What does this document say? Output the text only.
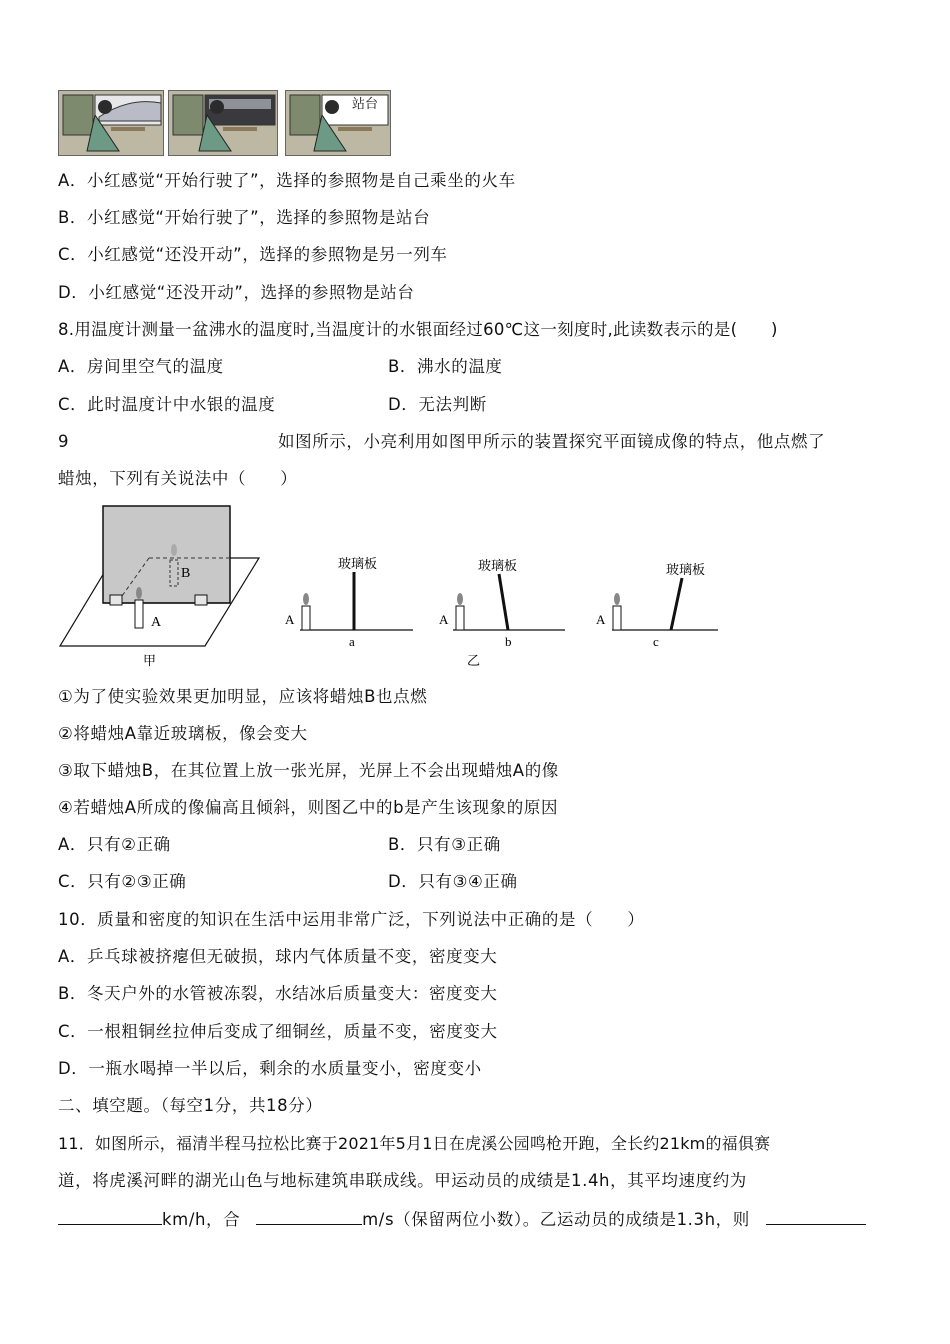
站台
A．小红感觉“开始行驶了”，选择的参照物是自己乘坐的火车
B．小红感觉“开始行驶了”，选择的参照物是站台
C．小红感觉“还没开动”，选择的参照物是另一列车
D．小红感觉“还没开动”，选择的参照物是站台
8.用温度计测量一盆沸水的温度时,当温度计的水银面经过60℃这一刻度时,此读数表示的是(　　)
A．房间里空气的温度	B．沸水的温度
C．此时温度计中水银的温度	D．无法判断
9	如图所示，小亮利用如图甲所示的装置探究平面镜成像的特点，他点燃了
蜡烛，下列有关说法中（　　）
A
B
甲
A
玻璃板
a
A
玻璃板
b
乙
A
玻璃板
c
①为了使实验效果更加明显，应该将蜡烛B也点燃
②将蜡烛A靠近玻璃板，像会变大
③取下蜡烛B，在其位置上放一张光屏，光屏上不会出现蜡烛A的像
④若蜡烛A所成的像偏高且倾斜，则图乙中的b是产生该现象的原因
A．只有②正确	B．只有③正确
C．只有②③正确	D．只有③④正确
10．质量和密度的知识在生活中运用非常广泛，下列说法中正确的是（　　）
A．乒乓球被挤瘪但无破损，球内气体质量不变，密度变大
B．冬天户外的水管被冻裂，水结冰后质量变大：密度变大
C．一根粗铜丝拉伸后变成了细铜丝，质量不变，密度变大
D．一瓶水喝掉一半以后，剩余的水质量变小，密度变小
二、填空题。（每空1分，共18分）
11．如图所示，福清半程马拉松比赛于2021年5月1日在虎溪公园鸣枪开跑，全长约21km的福俱赛
道，将虎溪河畔的湖光山色与地标建筑串联成线。甲运动员的成绩是1.4h，其平均速度约为
km/h，合	m/s（保留两位小数）。乙运动员的成绩是1.3h，则
